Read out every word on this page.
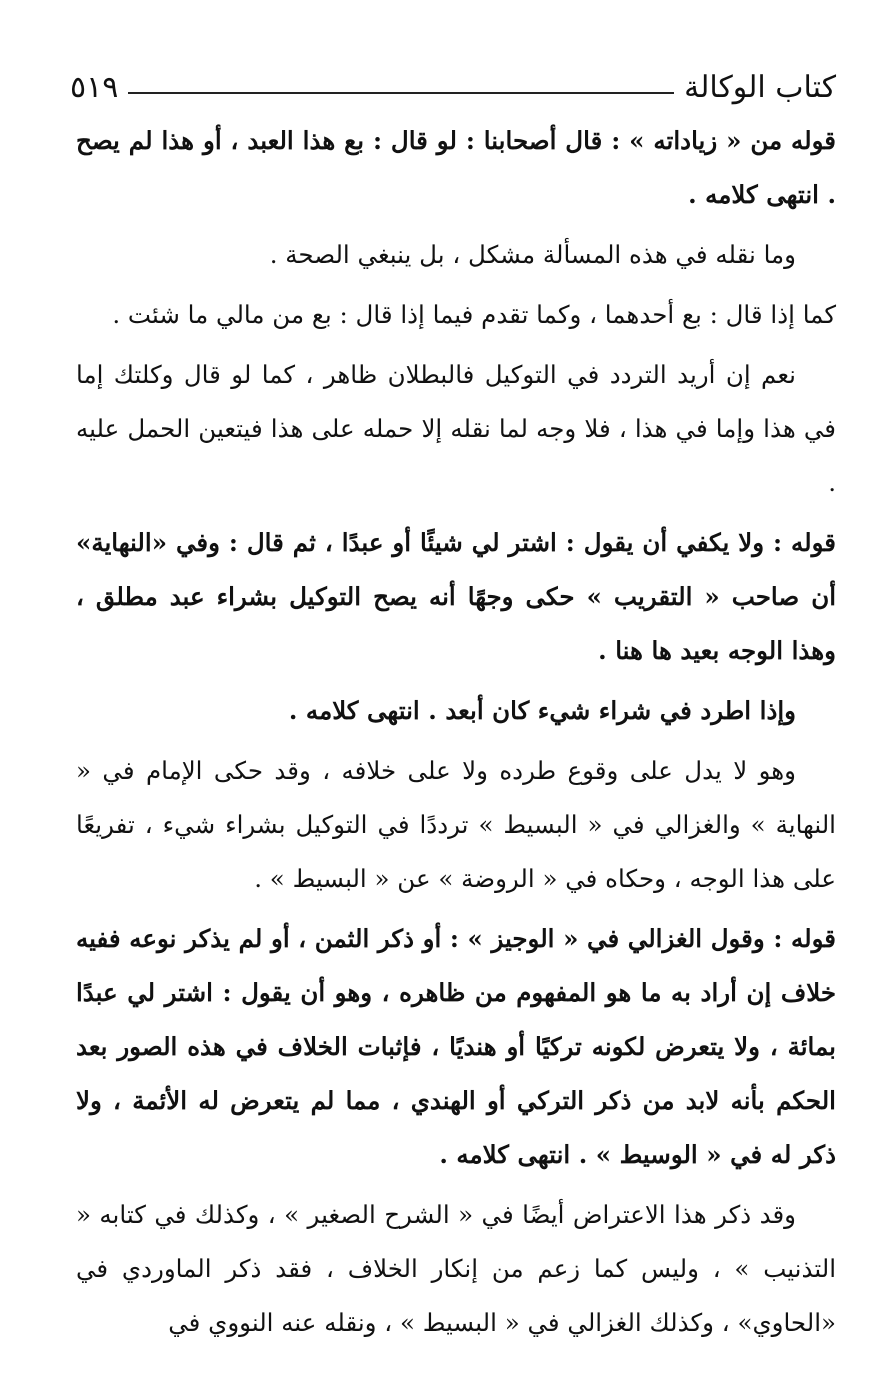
كتاب الوكالة
٥١٩

قوله من « زياداته » : قال أصحابنا : لو قال : بع هذا العبد ، أو هذا لم يصح . انتهى كلامه .

وما نقله في هذه المسألة مشكل ، بل ينبغي الصحة .

كما إذا قال : بع أحدهما ، وكما تقدم فيما إذا قال : بع من مالي ما شئت .

نعم إن أريد التردد في التوكيل فالبطلان ظاهر ، كما لو قال وكلتك إما في هذا وإما في هذا ، فلا وجه لما نقله إلا حمله على هذا فيتعين الحمل عليه .

قوله : ولا يكفي أن يقول : اشتر لي شيئًا أو عبدًا ، ثم قال : وفي «النهاية» أن صاحب « التقريب » حكى وجهًا أنه يصح التوكيل بشراء عبد مطلق ، وهذا الوجه بعيد ها هنا .

وإذا اطرد في شراء شيء كان أبعد . انتهى كلامه .

وهو لا يدل على وقوع طرده ولا على خلافه ، وقد حكى الإمام في « النهاية » والغزالي في « البسيط » ترددًا في التوكيل بشراء شيء ، تفريعًا على هذا الوجه ، وحكاه في « الروضة » عن « البسيط » .

قوله : وقول الغزالي في « الوجيز » : أو ذكر الثمن ، أو لم يذكر نوعه ففيه خلاف إن أراد به ما هو المفهوم من ظاهره ، وهو أن يقول : اشتر لي عبدًا بمائة ، ولا يتعرض لكونه تركيًا أو هنديًا ، فإثبات الخلاف في هذه الصور بعد الحكم بأنه لابد من ذكر التركي أو الهندي ، مما لم يتعرض له الأئمة ، ولا ذكر له في « الوسيط » . انتهى كلامه .

وقد ذكر هذا الاعتراض أيضًا في « الشرح الصغير » ، وكذلك في كتابه « التذنيب » ، وليس كما زعم من إنكار الخلاف ، فقد ذكر الماوردي في «الحاوي» ، وكذلك الغزالي في « البسيط » ، ونقله عنه النووي في
